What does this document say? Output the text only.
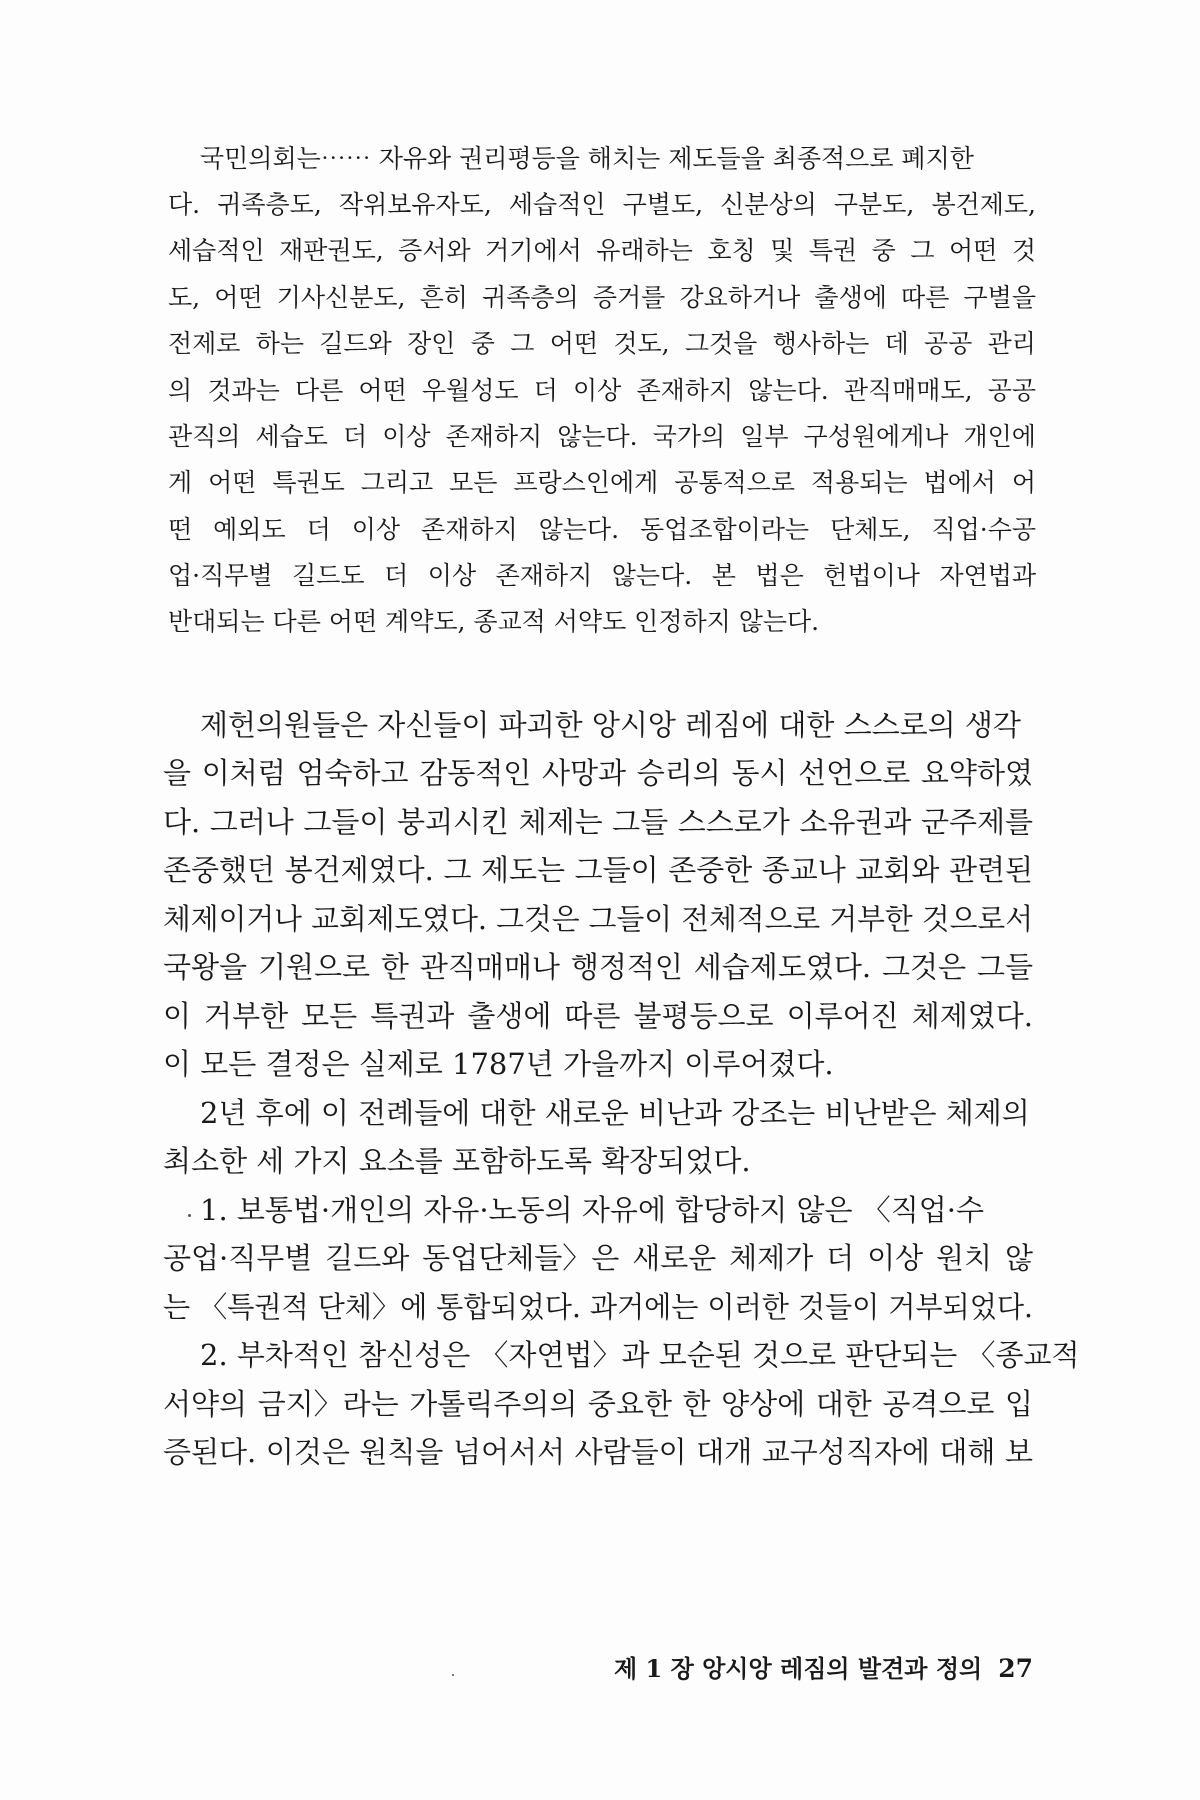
국민의회는⋯⋯ 자유와 권리평등을 해치는 제도들을 최종적으로 폐지한
다. 귀족층도, 작위보유자도, 세습적인 구별도, 신분상의 구분도, 봉건제도,
세습적인 재판권도, 증서와 거기에서 유래하는 호칭 및 특권 중 그 어떤 것
도, 어떤 기사신분도, 흔히 귀족층의 증거를 강요하거나 출생에 따른 구별을
전제로 하는 길드와 장인 중 그 어떤 것도, 그것을 행사하는 데 공공 관리
의 것과는 다른 어떤 우월성도 더 이상 존재하지 않는다. 관직매매도, 공공
관직의 세습도 더 이상 존재하지 않는다. 국가의 일부 구성원에게나 개인에
게 어떤 특권도 그리고 모든 프랑스인에게 공통적으로 적용되는 법에서 어
떤 예외도 더 이상 존재하지 않는다. 동업조합이라는 단체도, 직업·수공
업·직무별 길드도 더 이상 존재하지 않는다. 본 법은 헌법이나 자연법과
반대되는 다른 어떤 계약도, 종교적 서약도 인정하지 않는다.
제헌의원들은 자신들이 파괴한 앙시앙 레짐에 대한 스스로의 생각
을 이처럼 엄숙하고 감동적인 사망과 승리의 동시 선언으로 요약하였
다. 그러나 그들이 붕괴시킨 체제는 그들 스스로가 소유권과 군주제를
존중했던 봉건제였다. 그 제도는 그들이 존중한 종교나 교회와 관련된
체제이거나 교회제도였다. 그것은 그들이 전체적으로 거부한 것으로서
국왕을 기원으로 한 관직매매나 행정적인 세습제도였다. 그것은 그들
이 거부한 모든 특권과 출생에 따른 불평등으로 이루어진 체제였다.
이 모든 결정은 실제로 1787년 가을까지 이루어졌다.
2년 후에 이 전례들에 대한 새로운 비난과 강조는 비난받은 체제의
최소한 세 가지 요소를 포함하도록 확장되었다.
1. 보통법·개인의 자유·노동의 자유에 합당하지 않은 〈직업·수
공업·직무별 길드와 동업단체들〉은 새로운 체제가 더 이상 원치 않
는 〈특권적 단체〉에 통합되었다. 과거에는 이러한 것들이 거부되었다.
2. 부차적인 참신성은 〈자연법〉과 모순된 것으로 판단되는 〈종교적
서약의 금지〉라는 가톨릭주의의 중요한 한 양상에 대한 공격으로 입
증된다. 이것은 원칙을 넘어서서 사람들이 대개 교구성직자에 대해 보
제 1 장 앙시앙 레짐의 발견과 정의 27
